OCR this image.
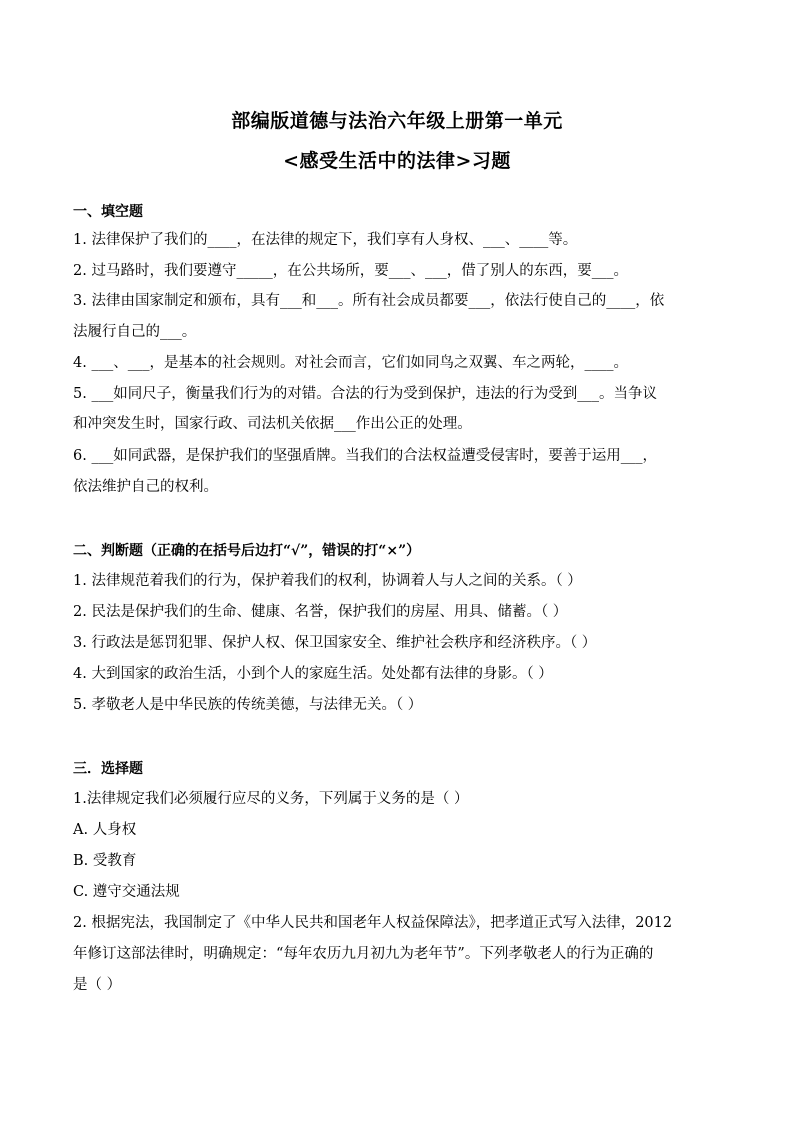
部编版道德与法治六年级上册第一单元
<感受生活中的法律>习题
一、填空题
1. 法律保护了我们的____，在法律的规定下，我们享有人身权、___、____等。
2. 过马路时，我们要遵守_____，在公共场所，要___、___，借了别人的东西，要___。
3. 法律由国家制定和颁布，具有___和___。所有社会成员都要___，依法行使自己的____，依
法履行自己的___。
4. ___、___，是基本的社会规则。对社会而言，它们如同鸟之双翼、车之两轮，____。
5. ___如同尺子，衡量我们行为的对错。合法的行为受到保护，违法的行为受到___。当争议
和冲突发生时，国家行政、司法机关依据___作出公正的处理。
6. ___如同武器，是保护我们的坚强盾牌。当我们的合法权益遭受侵害时，要善于运用___，
依法维护自己的权利。
二、判断题（正确的在括号后边打“√”，错误的打“×”）
1. 法律规范着我们的行为，保护着我们的权利，协调着人与人之间的关系。（ ）
2. 民法是保护我们的生命、健康、名誉，保护我们的房屋、用具、储蓄。（ ）
3. 行政法是惩罚犯罪、保护人权、保卫国家安全、维护社会秩序和经济秩序。（ ）
4. 大到国家的政治生活，小到个人的家庭生活。处处都有法律的身影。（ ）
5. 孝敬老人是中华民族的传统美德，与法律无关。（ ）
三．选择题
1.法律规定我们必须履行应尽的义务，下列属于义务的是（ ）
A. 人身权
B. 受教育
C. 遵守交通法规
2. 根据宪法，我国制定了《中华人民共和国老年人权益保障法》，把孝道正式写入法律，2012
年修订这部法律时，明确规定：“每年农历九月初九为老年节”。下列孝敬老人的行为正确的
是（ ）
